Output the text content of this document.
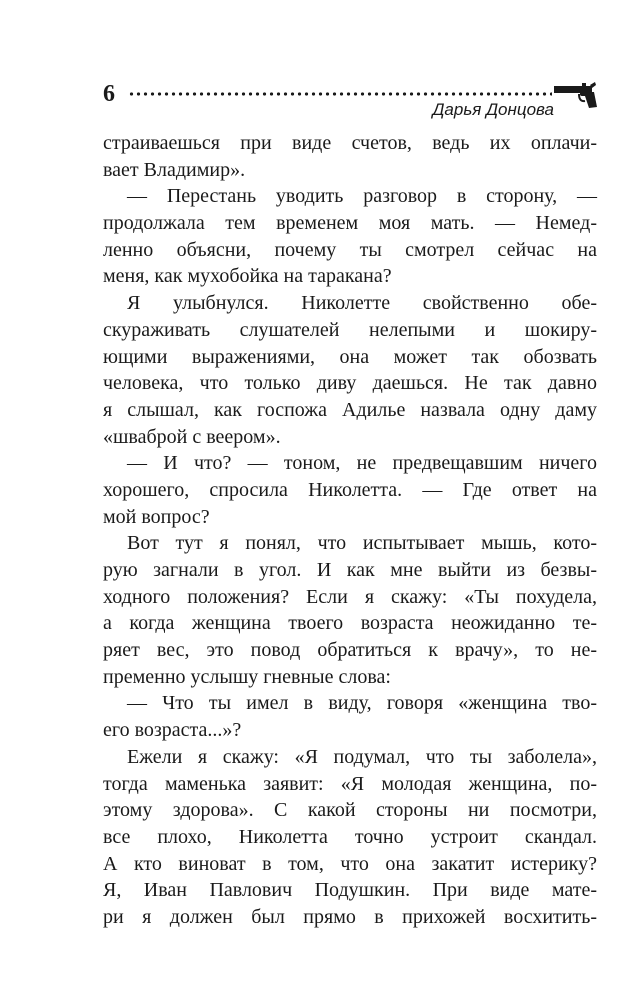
6
Дарья Донцова
страиваешься при виде счетов, ведь их оплачи-
вает Владимир».
— Перестань уводить разговор в сторону, —
продолжала тем временем моя мать. — Немед-
ленно объясни, почему ты смотрел сейчас на
меня, как мухобойка на таракана?
Я улыбнулся. Николетте свойственно обе-
скураживать слушателей нелепыми и шокиру-
ющими выражениями, она может так обозвать
человека, что только диву даешься. Не так давно
я слышал, как госпожа Адилье назвала одну даму
«шваброй с веером».
— И что? — тоном, не предвещавшим ничего
хорошего, спросила Николетта. — Где ответ на
мой вопрос?
Вот тут я понял, что испытывает мышь, кото-
рую загнали в угол. И как мне выйти из безвы-
ходного положения? Если я скажу: «Ты похудела,
а когда женщина твоего возраста неожиданно те-
ряет вес, это повод обратиться к врачу», то не-
пременно услышу гневные слова:
— Что ты имел в виду, говоря «женщина тво-
его возраста...»?
Ежели я скажу: «Я подумал, что ты заболела»,
тогда маменька заявит: «Я молодая женщина, по-
этому здорова». С какой стороны ни посмотри,
все плохо, Николетта точно устроит скандал.
А кто виноват в том, что она закатит истерику?
Я, Иван Павлович Подушкин. При виде мате-
ри я должен был прямо в прихожей восхитить-
